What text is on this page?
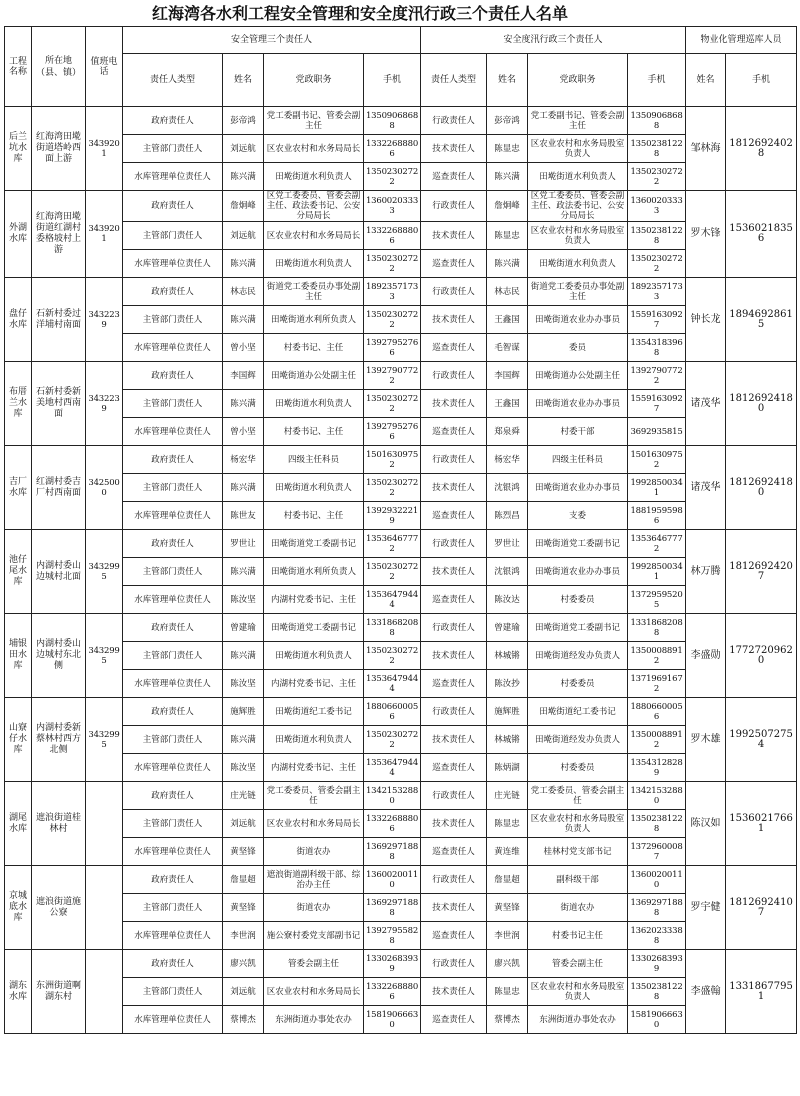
红海湾各水利工程安全管理和安全度汛行政三个责任人名单
工程名称	所在地
（县、镇）	值班电话	安全管理三个责任人				安全度汛行政三个责任人				物业化管理巡库人员	
			责任人类型	姓名	党政职务	手机	责任人类型	姓名	党政职务	手机	姓名	手机
后兰坑水库	红海湾田墘街道塔岭西面上游	3439201	政府责任人	彭帝鸿	党工委副书记、管委会副主任	13509068688	行政责任人	彭帝鸿	党工委副书记、管委会副主任	13509068688	邹林海	18126924028
			主管部门责任人	刘远航	区农业农村和水务局局长	13322688806	技术责任人	陈显忠	区农业农村和水务局股室负责人	13502381228		
			水库管理单位责任人	陈兴满	田墘街道水利负责人	13502302722	巡查责任人	陈兴满	田墘街道水利负责人	13502302722		
外湖水库	红海湾田墘街道红湖村委格坡村上游	3439201	政府责任人	詹炯峰	区党工委委员、管委会副主任、政法委书记、公安分局局长	13600203333	行政责任人	詹炯峰	区党工委委员、管委会副主任、政法委书记、公安分局局长	13600203333	罗木锋	15360218356
			主管部门责任人	刘远航	区农业农村和水务局局长	13322688806	技术责任人	陈显忠	区农业农村和水务局股室负责人	13502381228		
			水库管理单位责任人	陈兴满	田墘街道水利负责人	13502302722	巡查责任人	陈兴满	田墘街道水利负责人	13502302722		
盘仔水库	石新村委过洋埔村南面	3432239	政府责任人	林志民	街道党工委委员办事处副主任	18923571733	行政责任人	林志民	街道党工委委员办事处副主任	18923571733	钟长龙	18946928615
			主管部门责任人	陈兴满	田墘街道水利所负责人	13502302722	技术责任人	王鑫国	田墘街道农业办办事员	15591630927		
			水库管理单位责任人	曾小坚	村委书记、主任	13927952766	巡查责任人	毛智谋	委员	13543183968		
布厝兰水库	石新村委新美地村西南面	3432239	政府责任人	李国辉	田墘街道办公处副主任	13927907722	行政责任人	李国辉	田墘街道办公处副主任	13927907722	诸茂华	18126924180
			主管部门责任人	陈兴满	田墘街道水利负责人	13502302722	技术责任人	王鑫国	田墘街道农业办办事员	15591630927		
			水库管理单位责任人	曾小坚	村委书记、主任	13927952766	巡查责任人	郑泉舜	村委干部	3692935815		
吉厂水库	红湖村委吉厂村西南面	3425000	政府责任人	杨宏华	四级主任科员	15016309752	行政责任人	杨宏华	四级主任科员	15016309752	诸茂华	18126924180
			主管部门责任人	陈兴满	田墘街道水利负责人	13502302722	技术责任人	沈银鸿	田墘街道农业办办事员	19928500341		
			水库管理单位责任人	陈世友	村委书记、主任	13929322219	巡查责任人	陈烈昌	支委	18819595986		
池仔尾水库	内湖村委山边城村北面	3432995	政府责任人	罗世让	田墘街道党工委副书记	13536467772	行政责任人	罗世让	田墘街道党工委副书记	13536467772	林万腾	18126924207
			主管部门责任人	陈兴满	田墘街道水利所负责人	13502302722	技术责任人	沈银鸿	田墘街道农业办办事员	19928500341		
			水库管理单位责任人	陈汝坚	内湖村党委书记、主任	13536479444	巡查责任人	陈汝达	村委委员	13729595205		
埔银田水库	内湖村委山边城村东北侧	3432995	政府责任人	曾建瑜	田墘街道党工委副书记	13318682088	行政责任人	曾建瑜	田墘街道党工委副书记	13318682088	李盛勋	17727209620
			主管部门责任人	陈兴满	田墘街道水利负责人	13502302722	技术责任人	林城锵	田墘街道经发办负责人	13500088912		
			水库管理单位责任人	陈汝坚	内湖村党委书记、主任	13536479444	巡查责任人	陈汝抄	村委委员	13719691672		
山寮仔水库	内湖村委新蔡林村西方北侧	3432995	政府责任人	施辉胜	田墘街道纪工委书记	18806600056	行政责任人	施辉胜	田墘街道纪工委书记	18806600056	罗木雄	19925072754
			主管部门责任人	陈兴满	田墘街道水利负责人	13502302722	技术责任人	林城锵	田墘街道经发办负责人	13500088912		
			水库管理单位责任人	陈汝坚	内湖村党委书记、主任	13536479444	巡查责任人	陈炳湖	村委委员	13543128289		
湖尾水库	遮浪街道桂林村		政府责任人	庄光链	党工委委员、管委会副主任	13421532880	行政责任人	庄光链	党工委委员、管委会副主任	13421532880	陈汉如	15360217661
			主管部门责任人	刘远航	区农业农村和水务局局长	13322688806	技术责任人	陈显忠	区农业农村和水务局股室负责人	13502381228		
			水库管理单位责任人	黄坚锋	街道农办	13692971888	巡查责任人	黄连维	桂林村党支部书记	13729600087		
京城底水库	遮浪街道施公寮		政府责任人	詹显超	遮浪街道副科级干部、综治办主任	13600200110	行政责任人	詹显超	副科级干部	13600200110	罗宇健	18126924107
			主管部门责任人	黄坚锋	街道农办	13692971888	技术责任人	黄坚锋	街道农办	13692971888		
			水库管理单位责任人	李世润	施公寮村委党支部副书记	13927955828	巡查责任人	李世润	村委书记主任	13620233388		
湖东水库	东洲街道啊湖东村		政府责任人	廖兴凯	管委会副主任	13302683939	行政责任人	廖兴凯	管委会副主任	13302683939	李盛翰	13318677951
			主管部门责任人	刘远航	区农业农村和水务局局长	13322688806	技术责任人	陈显忠	区农业农村和水务局股室负责人	13502381228		
			水库管理单位责任人	蔡博杰	东洲街道办事处农办	15819066630	巡查责任人	蔡博杰	东洲街道办事处农办	15819066630		
